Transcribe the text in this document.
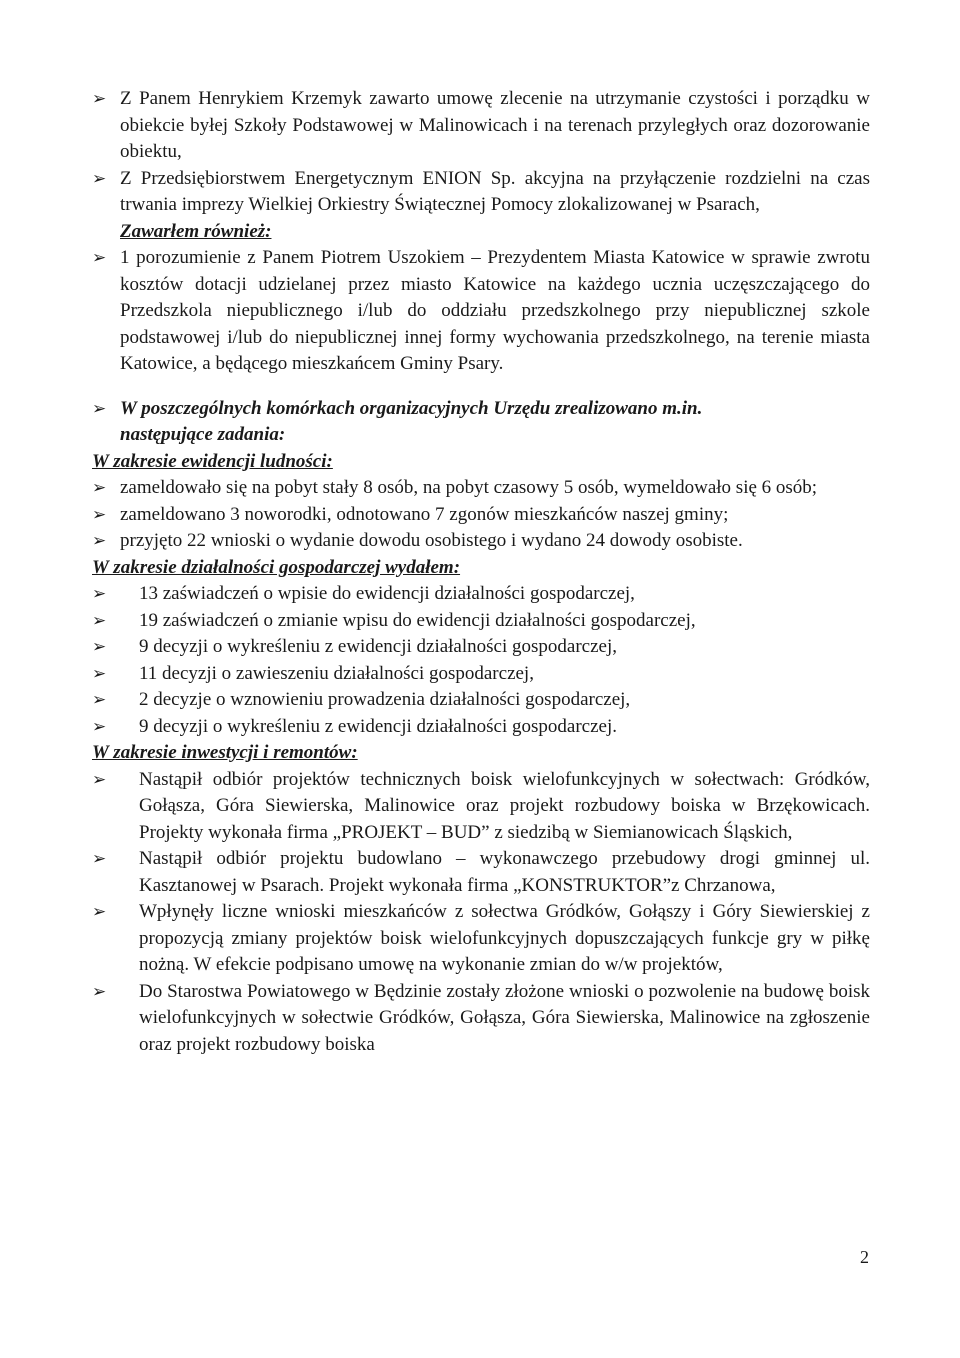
➢ Z Panem Henrykiem Krzemyk zawarto umowę zlecenie na utrzymanie czystości i porządku w obiekcie byłej Szkoły Podstawowej w Malinowicach i na terenach przyległych oraz dozorowanie obiektu,
➢ Z Przedsiębiorstwem Energetycznym ENION Sp. akcyjna na przyłączenie rozdzielni na czas trwania imprezy Wielkiej Orkiestry Świątecznej Pomocy zlokalizowanej w Psarach,
Zawarłem również:
➢ 1 porozumienie z Panem Piotrem Uszokiem – Prezydentem Miasta Katowice w sprawie zwrotu kosztów dotacji udzielanej przez miasto Katowice na każdego ucznia uczęszczającego do Przedszkola niepublicznego i/lub do oddziału przedszkolnego przy niepublicznej szkole podstawowej i/lub do niepublicznej innej formy wychowania przedszkolnego, na terenie miasta Katowice, a będącego mieszkańcem Gminy Psary.
➢ W poszczególnych komórkach organizacyjnych Urzędu zrealizowano m.in.
następujące zadania:
W zakresie ewidencji ludności:
➢ zameldowało się na pobyt stały 8 osób, na pobyt czasowy 5 osób, wymeldowało się 6 osób;
➢ zameldowano 3 noworodki, odnotowano 7 zgonów mieszkańców naszej gminy;
➢ przyjęto 22 wnioski o wydanie dowodu osobistego i wydano 24 dowody osobiste.
W zakresie działalności gospodarczej wydałem:
➢ 13 zaświadczeń o wpisie do ewidencji działalności gospodarczej,
➢ 19 zaświadczeń o zmianie wpisu do ewidencji działalności gospodarczej,
➢ 9 decyzji o wykreśleniu z ewidencji działalności gospodarczej,
➢ 11 decyzji o zawieszeniu działalności gospodarczej,
➢ 2 decyzje o wznowieniu prowadzenia działalności gospodarczej,
➢ 9 decyzji o wykreśleniu z ewidencji działalności gospodarczej.
W zakresie inwestycji i remontów:
➢ Nastąpił odbiór projektów technicznych boisk wielofunkcyjnych w sołectwach: Gródków, Gołąsza, Góra Siewierska, Malinowice oraz projekt rozbudowy boiska w Brzękowicach. Projekty wykonała firma „PROJEKT – BUD” z siedzibą w Siemianowicach Śląskich,
➢ Nastąpił odbiór projektu budowlano – wykonawczego przebudowy drogi gminnej ul. Kasztanowej w Psarach. Projekt wykonała firma „KONSTRUKTOR”z Chrzanowa,
➢ Wpłynęły liczne wnioski mieszkańców z sołectwa Gródków, Gołąszy i Góry Siewierskiej z propozycją zmiany projektów boisk wielofunkcyjnych dopuszczających funkcje gry w piłkę nożną. W efekcie podpisano umowę na wykonanie zmian do w/w projektów,
➢ Do Starostwa Powiatowego w Będzinie zostały złożone wnioski o pozwolenie na budowę boisk wielofunkcyjnych w sołectwie Gródków, Gołąsza, Góra Siewierska, Malinowice na zgłoszenie oraz projekt rozbudowy boiska
2
